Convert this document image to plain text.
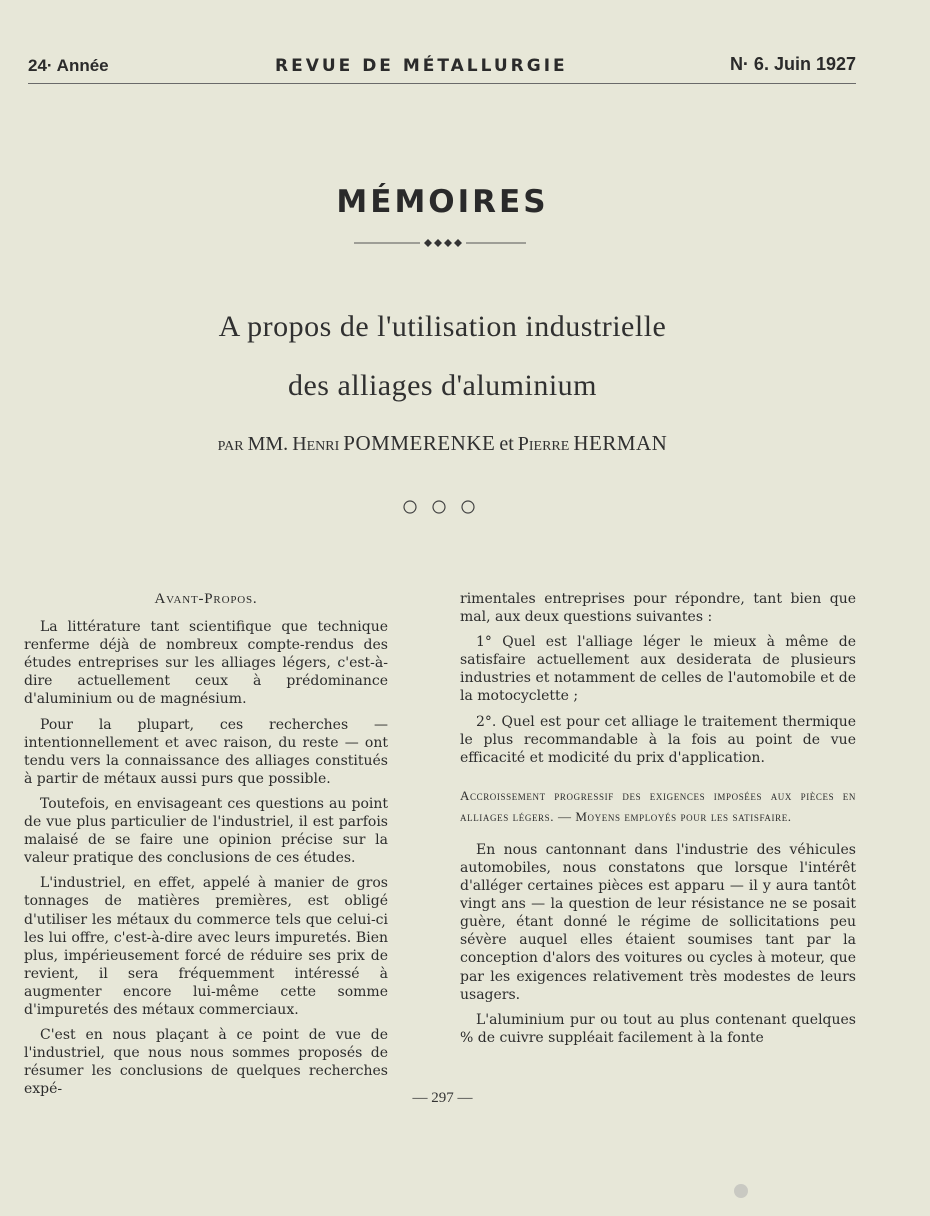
24· Année	REVUE DE MÉTALLURGIE	N· 6. Juin 1927
MÉMOIRES
A propos de l'utilisation industrielle
des alliages d'aluminium
PAR MM. Henri POMMERENKE et Pierre HERMAN
Avant-Propos.

La littérature tant scientifique que technique renferme déjà de nombreux compte-rendus des études entreprises sur les alliages légers, c'est-à-dire actuellement ceux à prédominance d'aluminium ou de magnésium.

Pour la plupart, ces recherches — intentionnellement et avec raison, du reste — ont tendu vers la connaissance des alliages constitués à partir de métaux aussi purs que possible.

Toutefois, en envisageant ces questions au point de vue plus particulier de l'industriel, il est parfois malaisé de se faire une opinion précise sur la valeur pratique des conclusions de ces études.

L'industriel, en effet, appelé à manier de gros tonnages de matières premières, est obligé d'utiliser les métaux du commerce tels que celui-ci les lui offre, c'est-à-dire avec leurs impuretés. Bien plus, impérieusement forcé de réduire ses prix de revient, il sera fréquemment intéressé à augmenter encore lui-même cette somme d'impuretés des métaux commerciaux.

C'est en nous plaçant à ce point de vue de l'industriel, que nous nous sommes proposés de résumer les conclusions de quelques recherches expé-

rimentales entreprises pour répondre, tant bien que mal, aux deux questions suivantes :

1° Quel est l'alliage léger le mieux à même de satisfaire actuellement aux desiderata de plusieurs industries et notamment de celles de l'automobile et de la motocyclette ;

2°. Quel est pour cet alliage le traitement thermique le plus recommandable à la fois au point de vue efficacité et modicité du prix d'application.

Accroissement progressif des exigences imposées aux pièces en alliages légers. — Moyens employés pour les satisfaire.

En nous cantonnant dans l'industrie des véhicules automobiles, nous constatons que lorsque l'intérêt d'alléger certaines pièces est apparu — il y aura tantôt vingt ans — la question de leur résistance ne se posait guère, étant donné le régime de sollicitations peu sévère auquel elles étaient soumises tant par la conception d'alors des voitures ou cycles à moteur, que par les exigences relativement très modestes de leurs usagers.

L'aluminium pur ou tout au plus contenant quelques % de cuivre suppléait facilement à la fonte

— 297 —
